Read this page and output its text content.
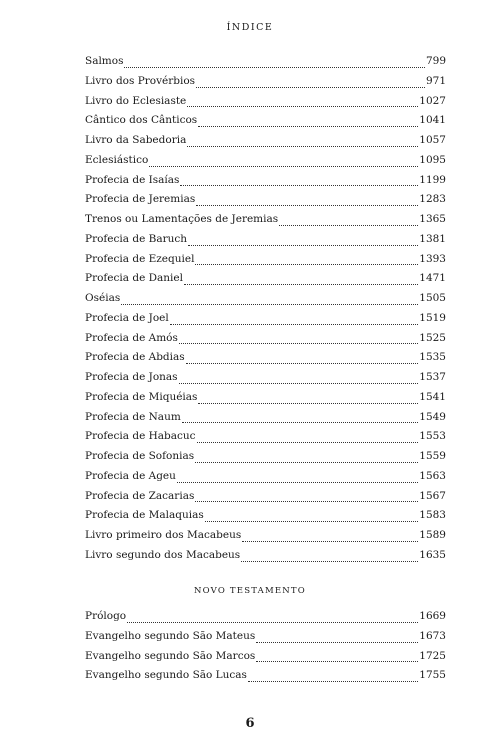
ÍNDICE
Salmos	799
Livro dos Provérbios	971
Livro do Eclesiaste	1027
Cântico dos Cânticos	1041
Livro da Sabedoria	1057
Eclesiástico	1095
Profecia de Isaías	1199
Profecia de Jeremias	1283
Trenos ou Lamentações de Jeremias	1365
Profecia de Baruch	1381
Profecia de Ezequiel	1393
Profecia de Daniel	1471
Oséias	1505
Profecia de Joel	1519
Profecia de Amós	1525
Profecia de Abdias	1535
Profecia de Jonas	1537
Profecia de Miquéias	1541
Profecia de Naum	1549
Profecia de Habacuc	1553
Profecia de Sofonias	1559
Profecia de Ageu	1563
Profecia de Zacarias	1567
Profecia de Malaquias	1583
Livro primeiro dos Macabeus	1589
Livro segundo dos Macabeus	1635
NOVO TESTAMENTO
Prólogo	1669
Evangelho segundo São Mateus	1673
Evangelho segundo São Marcos	1725
Evangelho segundo São Lucas	1755
6
